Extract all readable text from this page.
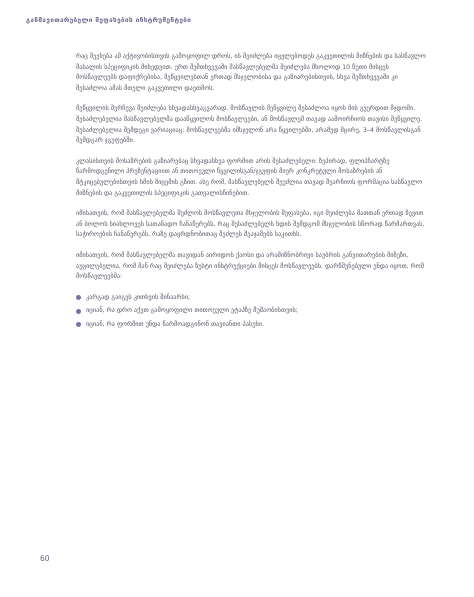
განმავითარებელი შეფასების ინსტრუმენტები

რაც შეეხება ამ აქტივობისთვის გამოყოფილ დროს, ის შეიძლება იცვლებოდეს გაკვეთილის მიზნების და სასწავლო მასალის სპეციფიკის მიხედვით. ერთ შემთხვევაში მასწავლებელმა შეიძლება მხოლოდ 10 წუთი მისცეს მოსწავლეებს დაფიქრებისა, მეწყვილესთან ერთად მსჯელობისა და გაზიარებისთვის, სხვა შემთხვევაში კი შესაძლოა ამას მთელი გაკვეთილი დაეთმოს.

მეწყვილის შერჩევა შეიძლება სხვადასხვაგვარად. მოსწავლის მეწყვილე შესაძლოა იყოს მის გვერდით მჯდომი. შესაძლებელია მასწავლებელმა დააწყვილოს მოსწავლეები, ან მოსწავლემ თავად აამოირჩიოს თავისი მეწყვილე. შესაძლებელია შემდეგი ვარიაციაც: მოსწავლეებმა იმსჯელონ არა წყვილებში, არამედ მცირე, 3–4 მოსწავლისგან შემდგარ ჯგუფებში.

კლასისთვის მოსაზრების გაზიარებაც სხვადასხვა ფორმით არის შესაძლებელი: ზეპირად, ფლიპჩარტზე წარმოდგენილი პრეზენტაციით ან თითოეული წყვილისგან/ჯგუფის მიერ კონკრეტული მოსაზრების ან მტკიცებულებისთვის ხმის მიცემის გზით. ასე რომ, მასწავლებელს შეუძლია თავად შეარჩიოს ფორმაცია სასწავლო მიზნების და გაკვეთილის სპეციფიკის გათვალისწინებით.

იმისათვის, რომ მასწავლებელმა შეძლოს მოსწავლეთა მსჯელობის შეფასება, იგი შეიძლება მათთან ერთად ზევით ან ბოლოს სიახლოვეს სათანადო ჩანაწერებს, რაც შესაძლებელს ხდის შემდგომ მსჯელობის სწორად წარმართვას, საჭიროების ჩანაწერებს, რაზე დაყრდნობითაც შეძლეს შეაჯამებს საკითხს.

იმისათვის, რომ მასწავლებელმა თავიდან აირიდოს ქაოსი და არამიზნობრივი საუბრის განვითარების მიზეზი, აუცილებელია, რომ მან რაც შეიძლება ზუსტი ინსტრუქციები მისცეს მოსწავლეებს. დარწმუნებული უნდა იყოთ, რომ მოსწავლეებმა:

კარგად გაიგეს კითხვის შინაარსი;
იციან, რა დრო აქვთ გამოყოფილი თითოეული ეტაპზე მუშაობისთვის;
იციან, რა ფორმით უნდა წარმოადგინონ თავიანთი პასუხი.
60
